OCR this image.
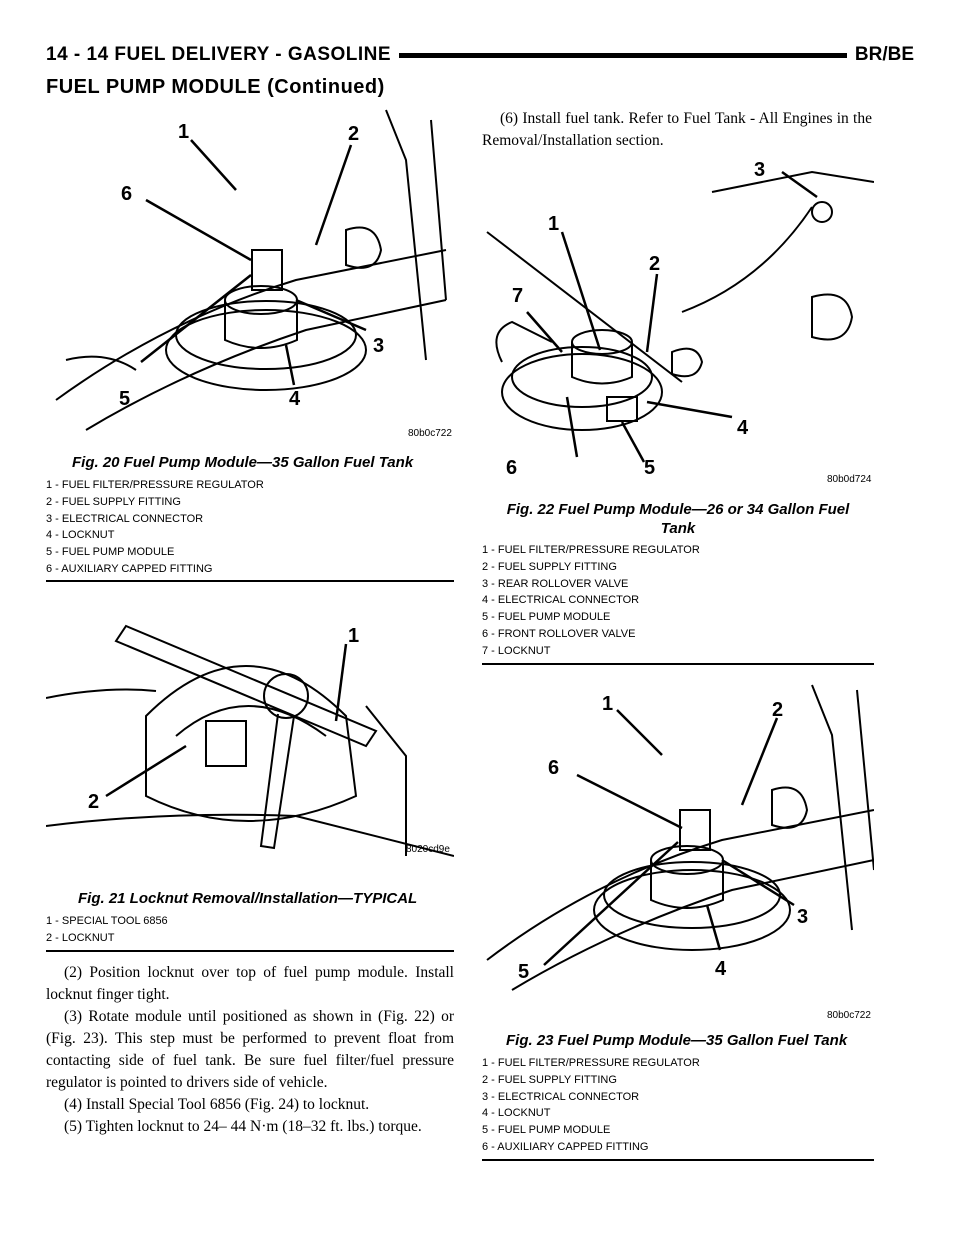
14 - 14 FUEL DELIVERY - GASOLINE	BR/BE
FUEL PUMP MODULE (Continued)
1	2
3
4
5
6
80b0c722
Fig. 20 Fuel Pump Module—35 Gallon Fuel Tank
1 - FUEL FILTER/PRESSURE REGULATOR
2 - FUEL SUPPLY FITTING
3 - ELECTRICAL CONNECTOR
4 - LOCKNUT
5 - FUEL PUMP MODULE
6 - AUXILIARY CAPPED FITTING
1
2
8020cd9e
Fig. 21 Locknut Removal/Installation—TYPICAL
1 - SPECIAL TOOL 6856
2 - LOCKNUT

(2) Position locknut over top of fuel pump module. Install locknut finger tight.

(3) Rotate module until positioned as shown in (Fig. 22) or (Fig. 23). This step must be performed to prevent float from contacting side of fuel tank. Be sure fuel filter/fuel pressure regulator is pointed to drivers side of vehicle.

(4) Install Special Tool 6856 (Fig. 24) to locknut.

(5) Tighten locknut to 24– 44 N·m (18–32 ft. lbs.) torque.

(6) Install fuel tank. Refer to Fuel Tank - All Engines in the Removal/Installation section.

1
2
3
4
5
6
7
80b0d724
Fig. 22 Fuel Pump Module—26 or 34 Gallon Fuel
Tank
1 - FUEL FILTER/PRESSURE REGULATOR
2 - FUEL SUPPLY FITTING
3 - REAR ROLLOVER VALVE
4 - ELECTRICAL CONNECTOR
5 - FUEL PUMP MODULE
6 - FRONT ROLLOVER VALVE
7 - LOCKNUT
1	2
3
4
5
6
80b0c722
Fig. 23 Fuel Pump Module—35 Gallon Fuel Tank
1 - FUEL FILTER/PRESSURE REGULATOR
2 - FUEL SUPPLY FITTING
3 - ELECTRICAL CONNECTOR
4 - LOCKNUT
5 - FUEL PUMP MODULE
6 - AUXILIARY CAPPED FITTING
